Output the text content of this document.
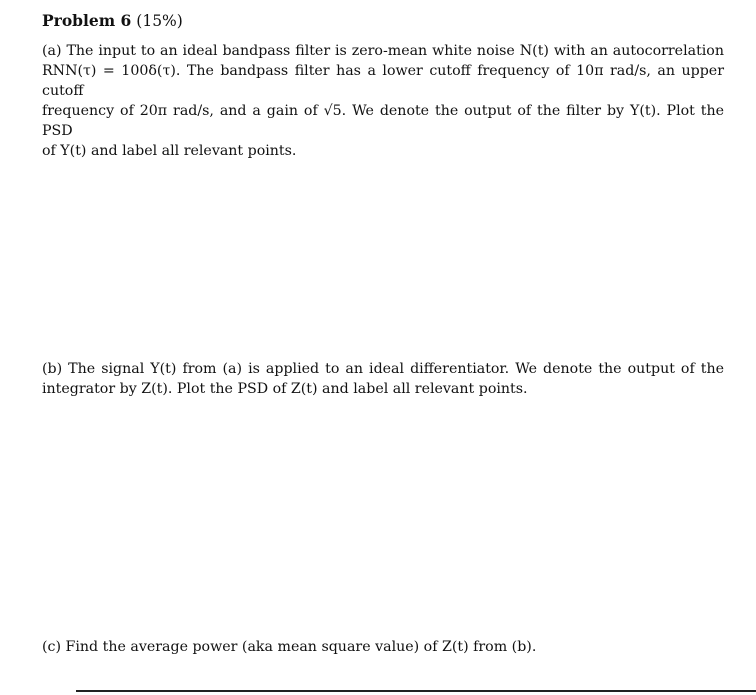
Problem 6 (15%)
(a) The input to an ideal bandpass filter is zero-mean white noise N(t) with an autocorrelation
RNN(τ) = 100δ(τ). The bandpass filter has a lower cutoff frequency of 10π rad/s, an upper cutoff
frequency of 20π rad/s, and a gain of √5. We denote the output of the filter by Y(t). Plot the PSD
of Y(t) and label all relevant points.
(b) The signal Y(t) from (a) is applied to an ideal differentiator. We denote the output of the
integrator by Z(t). Plot the PSD of Z(t) and label all relevant points.
(c) Find the average power (aka mean square value) of Z(t) from (b).
